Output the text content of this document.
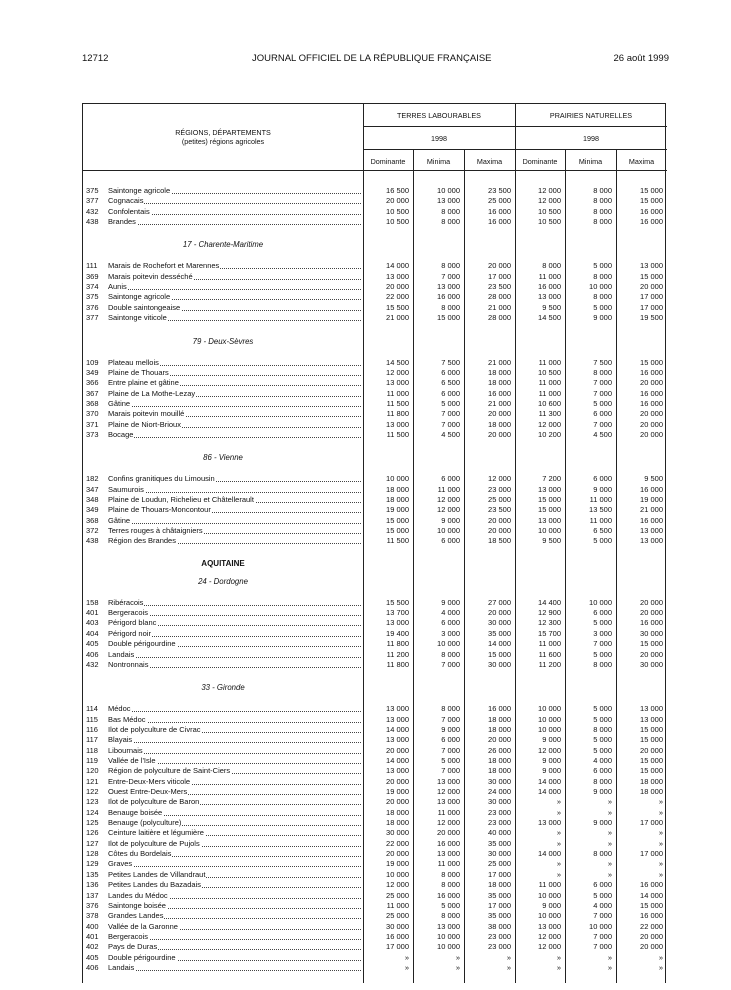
12712	JOURNAL OFFICIEL DE LA RÉPUBLIQUE FRANÇAISE	26 août 1999
RÉGIONS, DÉPARTEMENTS
(petites) régions agricoles
TERRES LABOURABLES	PRAIRIES NATURELLES
1998	1998
Dominante	Minima	Maxima	Dominante	Minima	Maxima
375	Saintonge agricole	16 500	10 000	23 500	12 000	8 000	15 000
377	Cognacais	20 000	13 000	25 000	12 000	8 000	15 000
432	Confolentais	10 500	8 000	16 000	10 500	8 000	16 000
438	Brandes	10 500	8 000	16 000	10 500	8 000	16 000
17 - Charente-Maritime
111	Marais de Rochefort et Marennes	14 000	8 000	20 000	8 000	5 000	13 000
369	Marais poitevin desséché	13 000	7 000	17 000	11 000	8 000	15 000
374	Aunis	20 000	13 000	23 500	16 000	10 000	20 000
375	Saintonge agricole	22 000	16 000	28 000	13 000	8 000	17 000
376	Double saintongeaise	15 500	8 000	21 000	9 500	5 000	17 000
377	Saintonge viticole	21 000	15 000	28 000	14 500	9 000	19 500
79 - Deux-Sèvres
109	Plateau mellois	14 500	7 500	21 000	11 000	7 500	15 000
349	Plaine de Thouars	12 000	6 000	18 000	10 500	8 000	16 000
366	Entre plaine et gâtine	13 000	6 500	18 000	11 000	7 000	20 000
367	Plaine de La Mothe-Lezay	11 000	6 000	16 000	11 000	7 000	16 000
368	Gâtine	11 500	5 000	21 000	10 600	5 000	16 000
370	Marais poitevin mouillé	11 800	7 000	20 000	11 300	6 000	20 000
371	Plaine de Niort-Brioux	13 000	7 000	18 000	12 000	7 000	20 000
373	Bocage	11 500	4 500	20 000	10 200	4 500	20 000
86 - Vienne
182	Confins granitiques du Limousin	10 000	6 000	12 000	7 200	6 000	9 500
347	Saumurois	18 000	11 000	23 000	13 000	9 000	16 000
348	Plaine de Loudun, Richelieu et Châtellerault	18 000	12 000	25 000	15 000	11 000	19 000
349	Plaine de Thouars-Moncontour	19 000	12 000	23 500	15 000	13 500	21 000
368	Gâtine	15 000	9 000	20 000	13 000	11 000	16 000
372	Terres rouges à châtaigniers	15 000	10 000	20 000	10 000	6 500	13 000
438	Région des Brandes	11 500	6 000	18 500	9 500	5 000	13 000
AQUITAINE
24 - Dordogne
158	Ribéracois	15 500	9 000	27 000	14 400	10 000	20 000
401	Bergeracois	13 700	4 000	20 000	12 900	6 000	20 000
403	Périgord blanc	13 000	6 000	30 000	12 300	5 000	16 000
404	Périgord noir	19 400	3 000	35 000	15 700	3 000	30 000
405	Double périgourdine	11 800	10 000	14 000	11 000	7 000	15 000
406	Landais	11 200	8 000	15 000	11 600	5 000	20 000
432	Nontronnais	11 800	7 000	30 000	11 200	8 000	30 000
33 - Gironde
114	Médoc	13 000	8 000	16 000	10 000	5 000	13 000
115	Bas Médoc	13 000	7 000	18 000	10 000	5 000	13 000
116	Ilot de polyculture de Civrac	14 000	9 000	18 000	10 000	8 000	15 000
117	Blayais	13 000	6 000	20 000	9 000	5 000	15 000
118	Libournais	20 000	7 000	26 000	12 000	5 000	20 000
119	Vallée de l'Isle	14 000	5 000	18 000	9 000	4 000	15 000
120	Région de polyculture de Saint-Ciers	13 000	7 000	18 000	9 000	6 000	15 000
121	Entre-Deux-Mers viticole	20 000	13 000	30 000	14 000	8 000	18 000
122	Ouest Entre-Deux-Mers	19 000	12 000	24 000	14 000	9 000	18 000
123	Ilot de polyculture de Baron	20 000	13 000	30 000	»	»	»
124	Benauge boisée	18 000	11 000	23 000	»	»	»
125	Benauge (polyculture)	18 000	12 000	23 000	13 000	9 000	17 000
126	Ceinture laitière et légumière	30 000	20 000	40 000	»	»	»
127	Ilot de polyculture de Pujols	22 000	16 000	35 000	»	»	»
128	Côtes du Bordelais	20 000	13 000	30 000	14 000	8 000	17 000
129	Graves	19 000	11 000	25 000	»	»	»
135	Petites Landes de Villandraut	10 000	8 000	17 000	»	»	»
136	Petites Landes du Bazadais	12 000	8 000	18 000	11 000	6 000	16 000
137	Landes du Médoc	25 000	16 000	35 000	10 000	5 000	14 000
376	Saintonge boisée	11 000	5 000	17 000	9 000	4 000	15 000
378	Grandes Landes	25 000	8 000	35 000	10 000	7 000	16 000
400	Vallée de la Garonne	30 000	13 000	38 000	13 000	10 000	22 000
401	Bergeracois	16 000	10 000	23 000	12 000	7 000	20 000
402	Pays de Duras	17 000	10 000	23 000	12 000	7 000	20 000
405	Double périgourdine	»	»	»	»	»	»
406	Landais	»	»	»	»	»	»
